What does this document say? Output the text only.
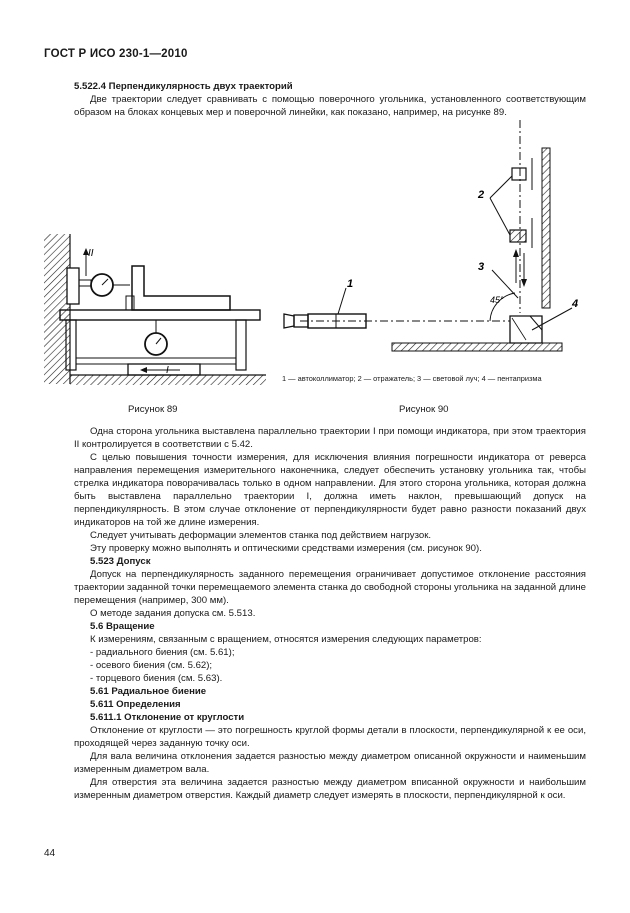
ГОСТ Р ИСО 230-1—2010

5.522.4 Перпендикулярность двух траекторий

Две траектории следует сравнивать с помощью поверочного угольника, установленного соответствующим образом на блоках концевых мер и поверочной линейки, как показано, например, на рисунке 89.

II
I
Рисунок 89
45°
1
2
3
4
1 — автоколлиматор; 2 — отражатель; 3 — световой луч; 4 — пентапризма
Рисунок 90

Одна сторона угольника выставлена параллельно траектории I при помощи индикатора, при этом траектория II контролируется в соответствии с 5.42.

С целью повышения точности измерения, для исключения влияния погрешности индикатора от реверса направления перемещения измерительного наконечника, следует обеспечить установку угольника так, чтобы стрелка индикатора поворачивалась только в одном направлении. Для этого сторона угольника, которая должна быть выставлена параллельно траектории I, должна иметь наклон, превышающий допуск на перпендикулярность. В этом случае отклонение от перпендикулярности будет равно разности показаний двух индикаторов на той же длине измерения.

Следует учитывать деформации элементов станка под действием нагрузок.

Эту проверку можно выполнять и оптическими средствами измерения (см. рисунок 90).

5.523 Допуск

Допуск на перпендикулярность заданного перемещения ограничивает допустимое отклонение расстояния траектории заданной точки перемещаемого элемента станка до свободной стороны угольника на заданной длине перемещения (например, 300 мм).

О методе задания допуска см. 5.513.

5.6 Вращение

К измерениям, связанным с вращением, относятся измерения следующих параметров:

- радиального биения (см. 5.61);

- осевого биения (см. 5.62);

- торцевого биения (см. 5.63).

5.61 Радиальное биение

5.611 Определения

5.611.1 Отклонение от круглости

Отклонение от круглости — это погрешность круглой формы детали в плоскости, перпендикулярной к ее оси, проходящей через заданную точку оси.

Для вала величина отклонения задается разностью между диаметром описанной окружности и наименьшим измеренным диаметром вала.

Для отверстия эта величина задается разностью между диаметром вписанной окружности и наибольшим измеренным диаметром отверстия. Каждый диаметр следует измерять в плоскости, перпендикулярной к оси.

44
